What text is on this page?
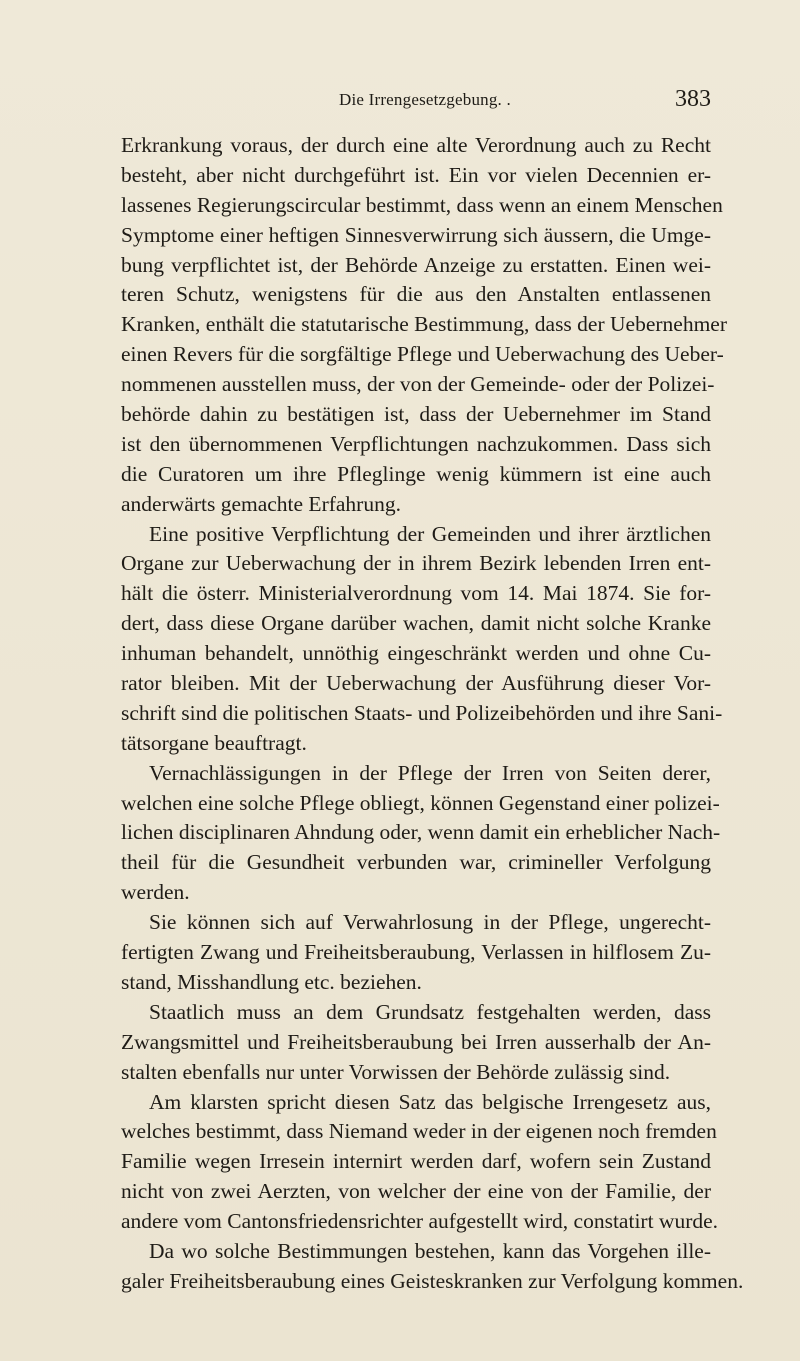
Die Irrengesetzgebung. .	383
Erkrankung voraus, der durch eine alte Verordnung auch zu Recht
besteht, aber nicht durchgeführt ist. Ein vor vielen Decennien er-
lassenes Regierungscircular bestimmt, dass wenn an einem Menschen
Symptome einer heftigen Sinnesverwirrung sich äussern, die Umge-
bung verpflichtet ist, der Behörde Anzeige zu erstatten. Einen wei-
teren Schutz, wenigstens für die aus den Anstalten entlassenen
Kranken, enthält die statutarische Bestimmung, dass der Uebernehmer
einen Revers für die sorgfältige Pflege und Ueberwachung des Ueber-
nommenen ausstellen muss, der von der Gemeinde- oder der Polizei-
behörde dahin zu bestätigen ist, dass der Uebernehmer im Stand
ist den übernommenen Verpflichtungen nachzukommen. Dass sich
die Curatoren um ihre Pfleglinge wenig kümmern ist eine auch
anderwärts gemachte Erfahrung.
Eine positive Verpflichtung der Gemeinden und ihrer ärztlichen
Organe zur Ueberwachung der in ihrem Bezirk lebenden Irren ent-
hält die österr. Ministerialverordnung vom 14. Mai 1874. Sie for-
dert, dass diese Organe darüber wachen, damit nicht solche Kranke
inhuman behandelt, unnöthig eingeschränkt werden und ohne Cu-
rator bleiben. Mit der Ueberwachung der Ausführung dieser Vor-
schrift sind die politischen Staats- und Polizeibehörden und ihre Sani-
tätsorgane beauftragt.
Vernachlässigungen in der Pflege der Irren von Seiten derer,
welchen eine solche Pflege obliegt, können Gegenstand einer polizei-
lichen disciplinaren Ahndung oder, wenn damit ein erheblicher Nach-
theil für die Gesundheit verbunden war, crimineller Verfolgung
werden.
Sie können sich auf Verwahrlosung in der Pflege, ungerecht-
fertigten Zwang und Freiheitsberaubung, Verlassen in hilflosem Zu-
stand, Misshandlung etc. beziehen.
Staatlich muss an dem Grundsatz festgehalten werden, dass
Zwangsmittel und Freiheitsberaubung bei Irren ausserhalb der An-
stalten ebenfalls nur unter Vorwissen der Behörde zulässig sind.
Am klarsten spricht diesen Satz das belgische Irrengesetz aus,
welches bestimmt, dass Niemand weder in der eigenen noch fremden
Familie wegen Irresein internirt werden darf, wofern sein Zustand
nicht von zwei Aerzten, von welcher der eine von der Familie, der
andere vom Cantonsfriedensrichter aufgestellt wird, constatirt wurde.
Da wo solche Bestimmungen bestehen, kann das Vorgehen ille-
galer Freiheitsberaubung eines Geisteskranken zur Verfolgung kommen.
